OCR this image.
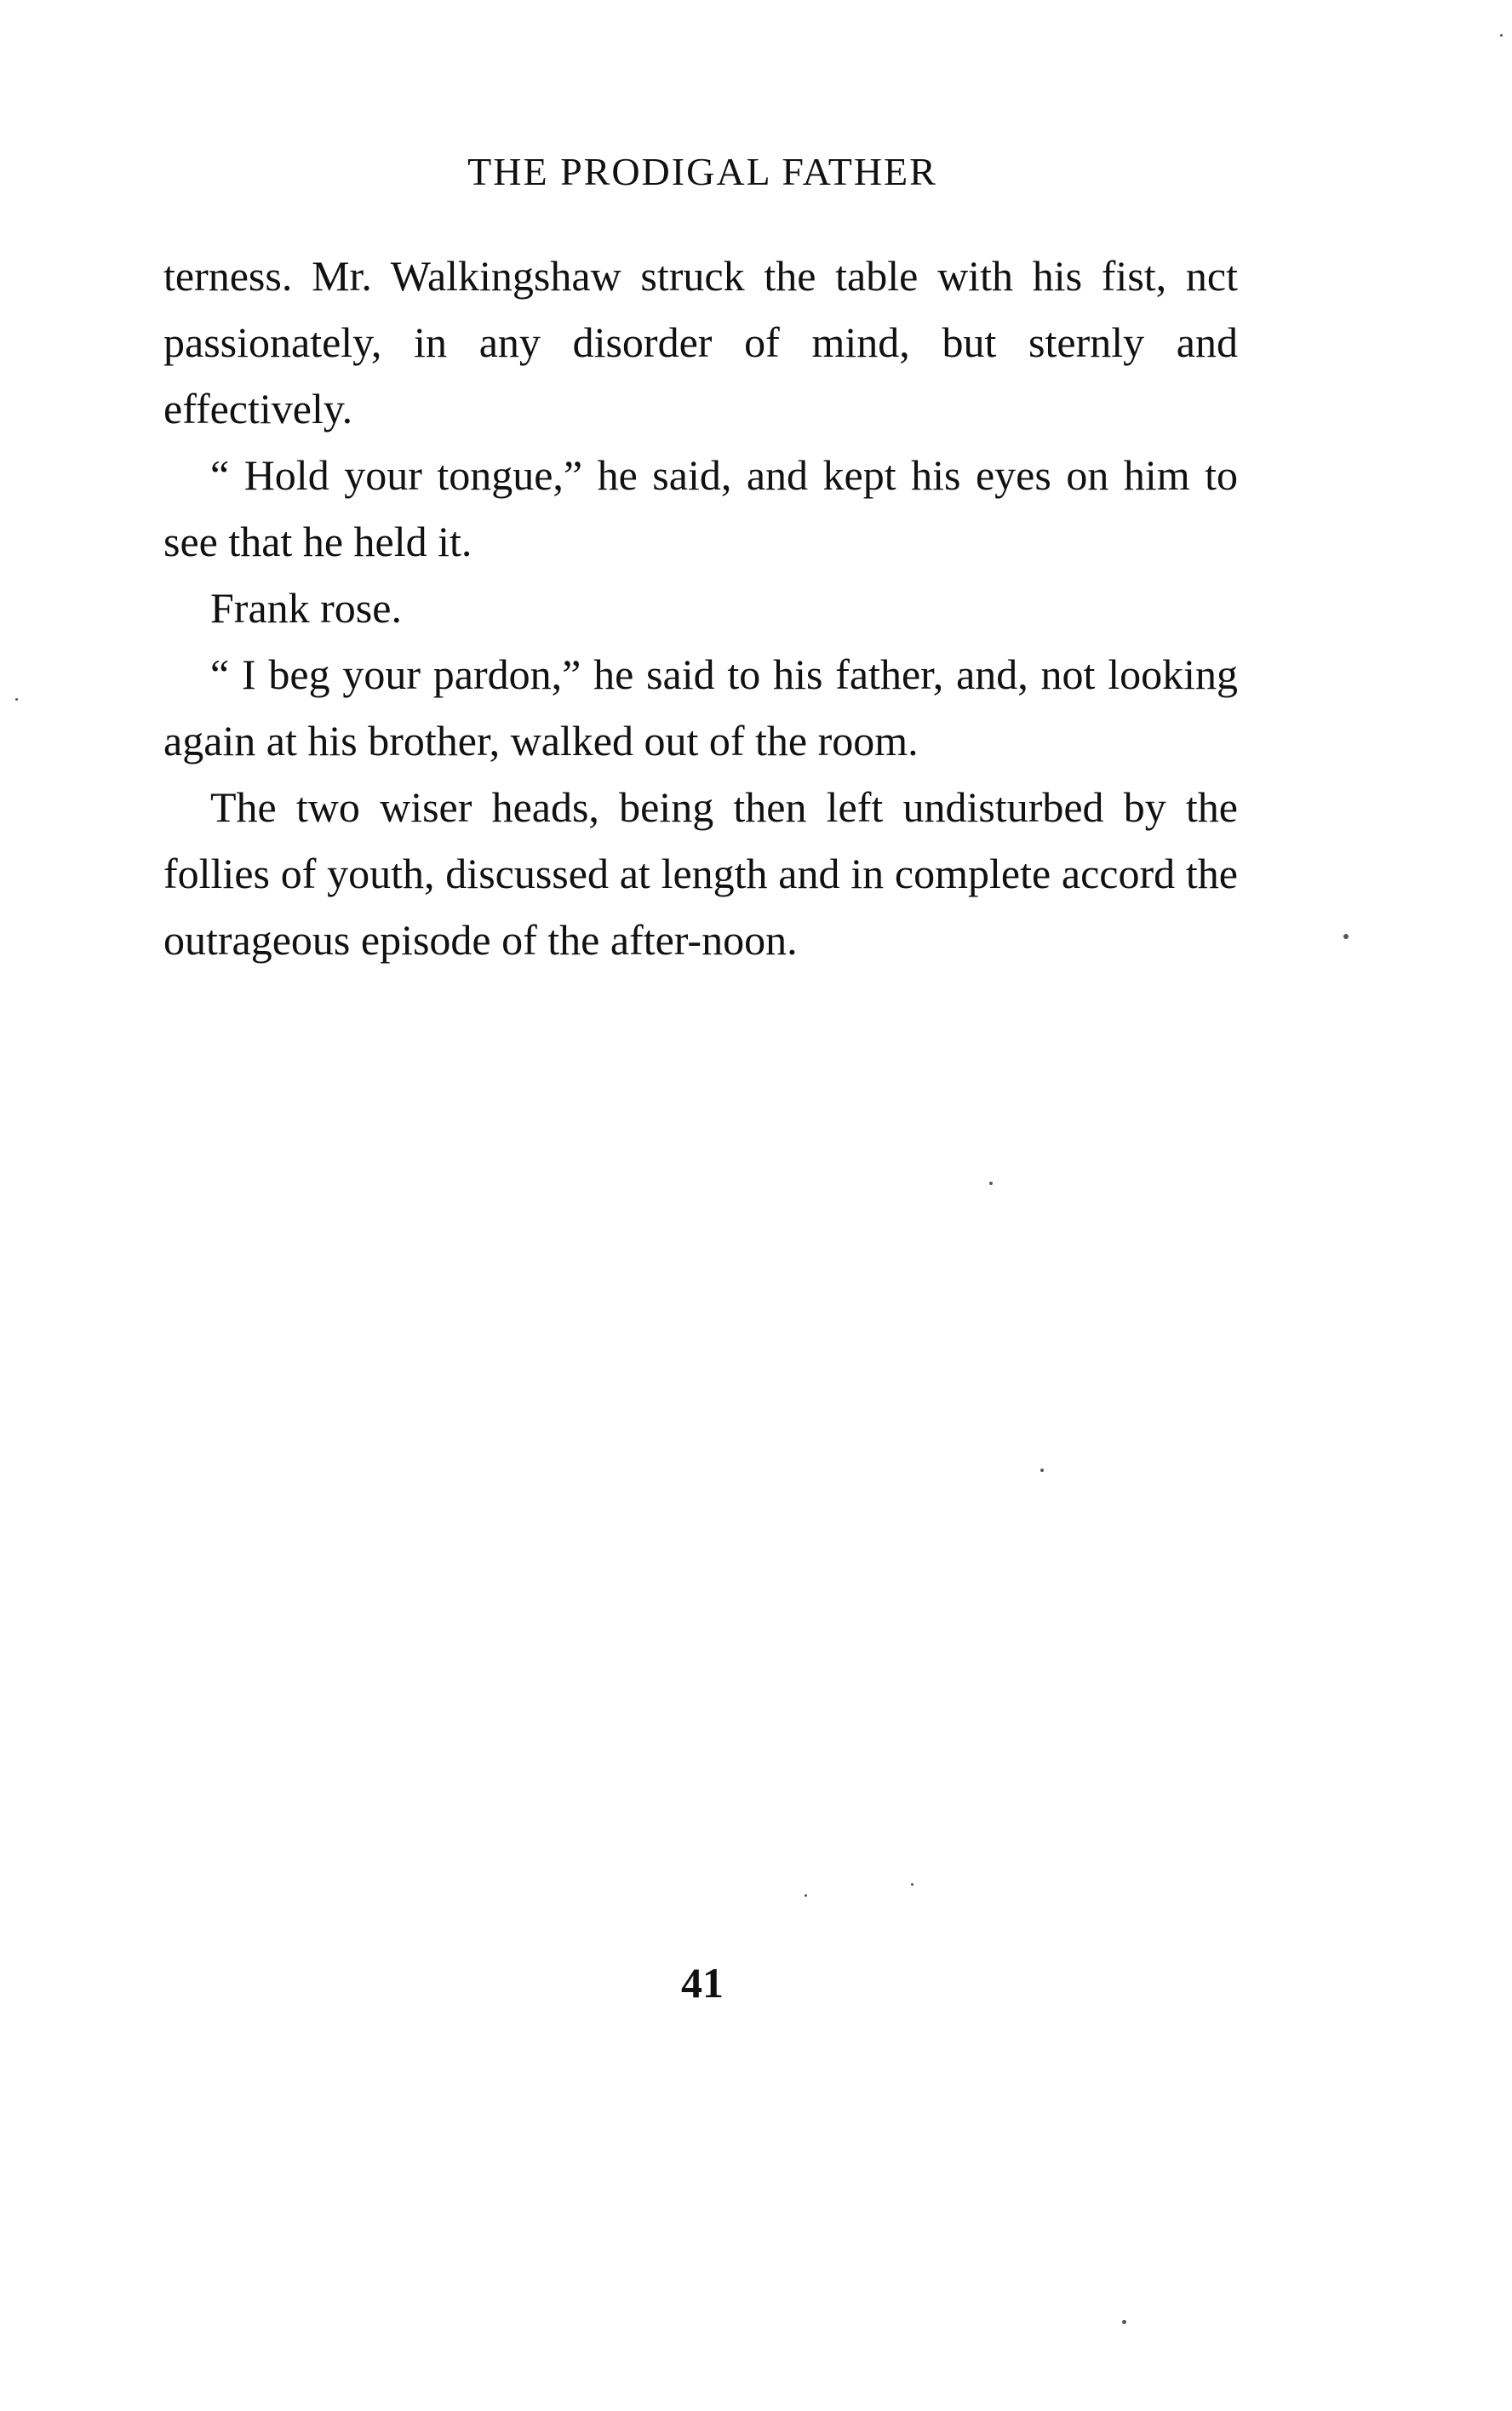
THE PRODIGAL FATHER

terness. Mr. Walkingshaw struck the table with his fist, nct passionately, in any disorder of mind, but sternly and effectively.

“ Hold your tongue,” he said, and kept his eyes on him to see that he held it.

Frank rose.

“ I beg your pardon,” he said to his father, and, not looking again at his brother, walked out of the room.

The two wiser heads, being then left undisturbed by the follies of youth, discussed at length and in complete accord the outrageous episode of the after-noon.

41
